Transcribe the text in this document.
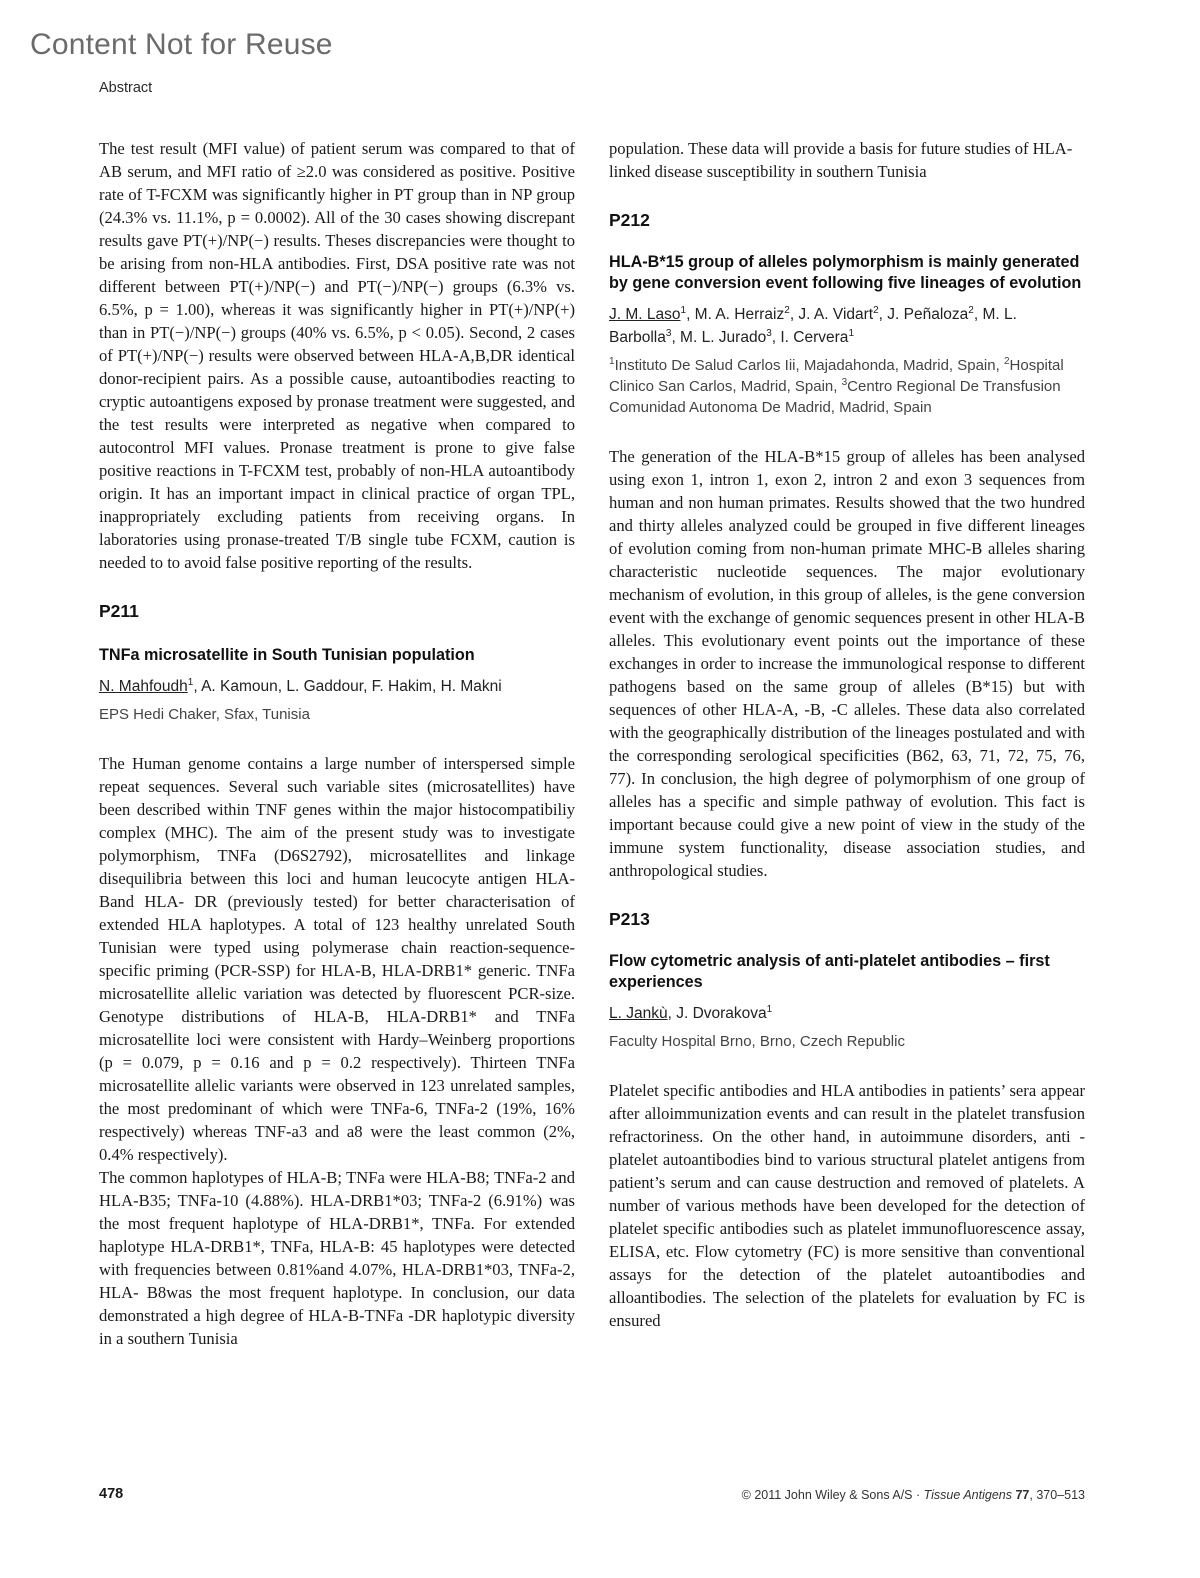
Content Not for Reuse
Abstract

The test result (MFI value) of patient serum was compared to that of AB serum, and MFI ratio of ≥2.0 was considered as positive. Positive rate of T-FCXM was significantly higher in PT group than in NP group (24.3% vs. 11.1%, p = 0.0002). All of the 30 cases showing discrepant results gave PT(+)/NP(−) results. Theses discrepancies were thought to be arising from non-HLA antibodies. First, DSA positive rate was not different between PT(+)/NP(−) and PT(−)/NP(−) groups (6.3% vs. 6.5%, p = 1.00), whereas it was significantly higher in PT(+)/NP(+) than in PT(−)/NP(−) groups (40% vs. 6.5%, p < 0.05). Second, 2 cases of PT(+)/NP(−) results were observed between HLA-A,B,DR identical donor-recipient pairs. As a possible cause, autoantibodies reacting to cryptic autoantigens exposed by pronase treatment were suggested, and the test results were interpreted as negative when compared to autocontrol MFI values. Pronase treatment is prone to give false positive reactions in T-FCXM test, probably of non-HLA autoantibody origin. It has an important impact in clinical practice of organ TPL, inappropriately excluding patients from receiving organs. In laboratories using pronase-treated T/B single tube FCXM, caution is needed to to avoid false positive reporting of the results.

P211

TNFa microsatellite in South Tunisian population

N. Mahfoudh$^1$, A. Kamoun, L. Gaddour, F. Hakim, H. Makni

EPS Hedi Chaker, Sfax, Tunisia

The Human genome contains a large number of interspersed simple repeat sequences. Several such variable sites (microsatellites) have been described within TNF genes within the major histocompatibiliy complex (MHC). The aim of the present study was to investigate polymorphism, TNFa (D6S2792), microsatellites and linkage disequilibria between this loci and human leucocyte antigen HLA-Band HLA- DR (previously tested) for better characterisation of extended HLA haplotypes. A total of 123 healthy unrelated South Tunisian were typed using polymerase chain reaction-sequence-specific priming (PCR-SSP) for HLA-B, HLA-DRB1* generic. TNFa microsatellite allelic variation was detected by fluorescent PCR-size. Genotype distributions of HLA-B, HLA-DRB1* and TNFa microsatellite loci were consistent with Hardy–Weinberg proportions (p = 0.079, p = 0.16 and p = 0.2 respectively). Thirteen TNFa microsatellite allelic variants were observed in 123 unrelated samples, the most predominant of which were TNFa-6, TNFa-2 (19%, 16% respectively) whereas TNF-a3 and a8 were the least common (2%, 0.4% respectively).

The common haplotypes of HLA-B; TNFa were HLA-B8; TNFa-2 and HLA-B35; TNFa-10 (4.88%). HLA-DRB1*03; TNFa-2 (6.91%) was the most frequent haplotype of HLA-DRB1*, TNFa. For extended haplotype HLA-DRB1*, TNFa, HLA-B: 45 haplotypes were detected with frequencies between 0.81%and 4.07%, HLA-DRB1*03, TNFa-2, HLA- B8was the most frequent haplotype. In conclusion, our data demonstrated a high degree of HLA-B-TNFa -DR haplotypic diversity in a southern Tunisia

population. These data will provide a basis for future studies of HLA-linked disease susceptibility in southern Tunisia

P212

HLA-B*15 group of alleles polymorphism is mainly generated by gene conversion event following five lineages of evolution

J. M. Laso$^1$, M. A. Herraiz$^2$, J. A. Vidart$^2$, J. Peñaloza$^2$, M. L. Barbolla$^3$, M. L. Jurado$^3$, I. Cervera$^1$

$^1$Instituto De Salud Carlos Iii, Majadahonda, Madrid, Spain, $^2$Hospital Clinico San Carlos, Madrid, Spain, $^3$Centro Regional De Transfusion Comunidad Autonoma De Madrid, Madrid, Spain

The generation of the HLA-B*15 group of alleles has been analysed using exon 1, intron 1, exon 2, intron 2 and exon 3 sequences from human and non human primates. Results showed that the two hundred and thirty alleles analyzed could be grouped in five different lineages of evolution coming from non-human primate MHC-B alleles sharing characteristic nucleotide sequences. The major evolutionary mechanism of evolution, in this group of alleles, is the gene conversion event with the exchange of genomic sequences present in other HLA-B alleles. This evolutionary event points out the importance of these exchanges in order to increase the immunological response to different pathogens based on the same group of alleles (B*15) but with sequences of other HLA-A, -B, -C alleles. These data also correlated with the geographically distribution of the lineages postulated and with the corresponding serological specificities (B62, 63, 71, 72, 75, 76, 77). In conclusion, the high degree of polymorphism of one group of alleles has a specific and simple pathway of evolution. This fact is important because could give a new point of view in the study of the immune system functionality, disease association studies, and anthropological studies.

P213

Flow cytometric analysis of anti-platelet antibodies – first experiences

L. Jankù, J. Dvorakova$^1$

Faculty Hospital Brno, Brno, Czech Republic

Platelet specific antibodies and HLA antibodies in patients’ sera appear after alloimmunization events and can result in the platelet transfusion refractoriness. On the other hand, in autoimmune disorders, anti - platelet autoantibodies bind to various structural platelet antigens from patient’s serum and can cause destruction and removed of platelets. A number of various methods have been developed for the detection of platelet specific antibodies such as platelet immunofluorescence assay, ELISA, etc. Flow cytometry (FC) is more sensitive than conventional assays for the detection of the platelet autoantibodies and alloantibodies. The selection of the platelets for evaluation by FC is ensured

478	© 2011 John Wiley & Sons A/S · Tissue Antigens 77, 370–513
